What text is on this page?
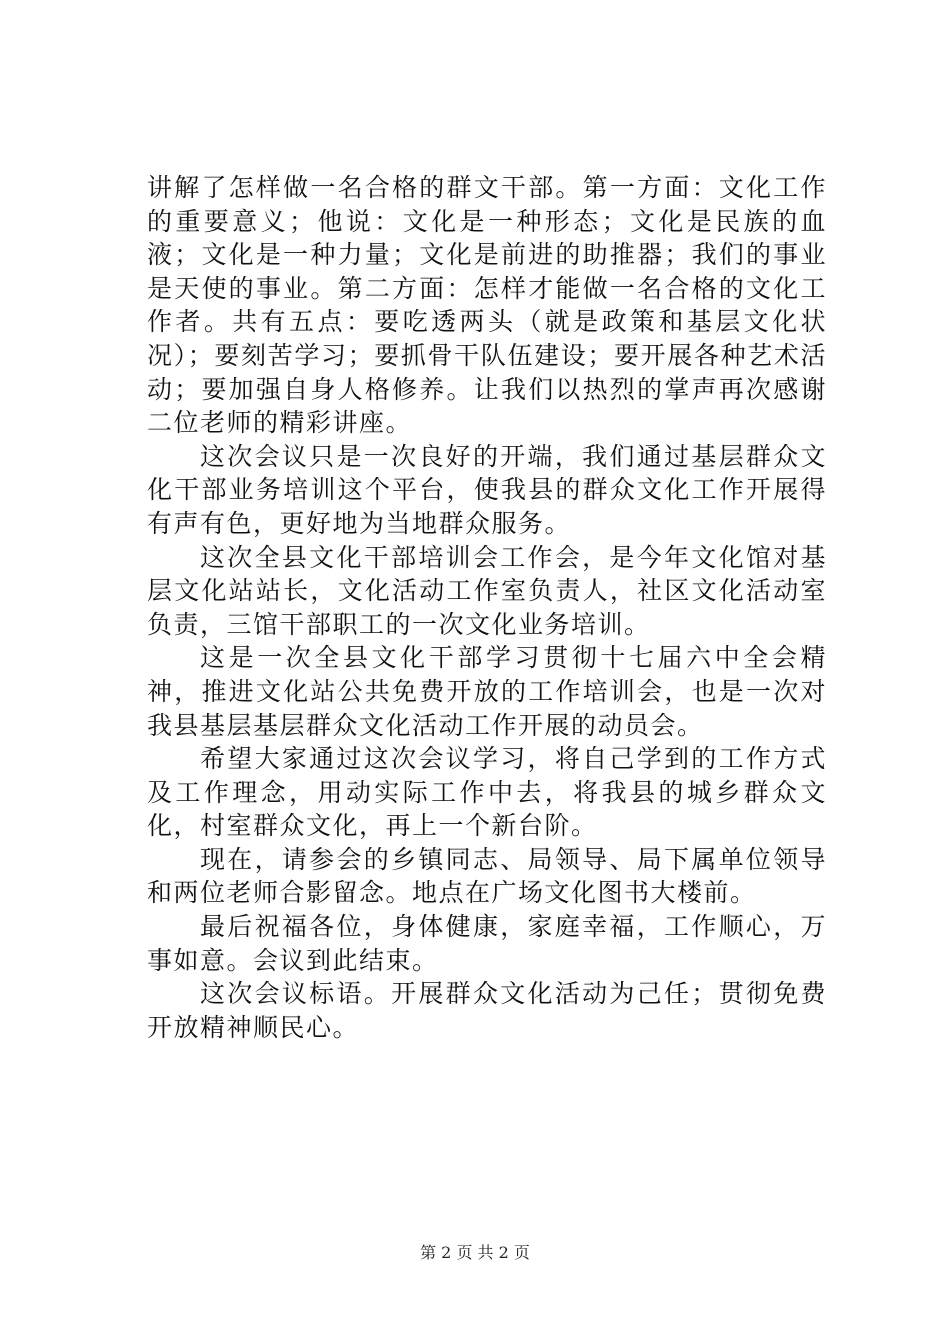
讲解了怎样做一名合格的群文干部。第一方面：文化工作的重要意义；他说：文化是一种形态；文化是民族的血液；文化是一种力量；文化是前进的助推器；我们的事业是天使的事业。第二方面：怎样才能做一名合格的文化工作者。共有五点：要吃透两头（就是政策和基层文化状况）；要刻苦学习；要抓骨干队伍建设；要开展各种艺术活动；要加强自身人格修养。让我们以热烈的掌声再次感谢二位老师的精彩讲座。

这次会议只是一次良好的开端，我们通过基层群众文化干部业务培训这个平台，使我县的群众文化工作开展得有声有色，更好地为当地群众服务。

这次全县文化干部培训会工作会，是今年文化馆对基层文化站站长，文化活动工作室负责人，社区文化活动室负责，三馆干部职工的一次文化业务培训。

这是一次全县文化干部学习贯彻十七届六中全会精神，推进文化站公共免费开放的工作培训会，也是一次对我县基层基层群众文化活动工作开展的动员会。

希望大家通过这次会议学习，将自己学到的工作方式及工作理念，用动实际工作中去，将我县的城乡群众文化，村室群众文化，再上一个新台阶。

现在，请参会的乡镇同志、局领导、局下属单位领导和两位老师合影留念。地点在广场文化图书大楼前。

最后祝福各位，身体健康，家庭幸福，工作顺心，万事如意。会议到此结束。

这次会议标语。开展群众文化活动为己任；贯彻免费开放精神顺民心。

第 2 页 共 2 页
